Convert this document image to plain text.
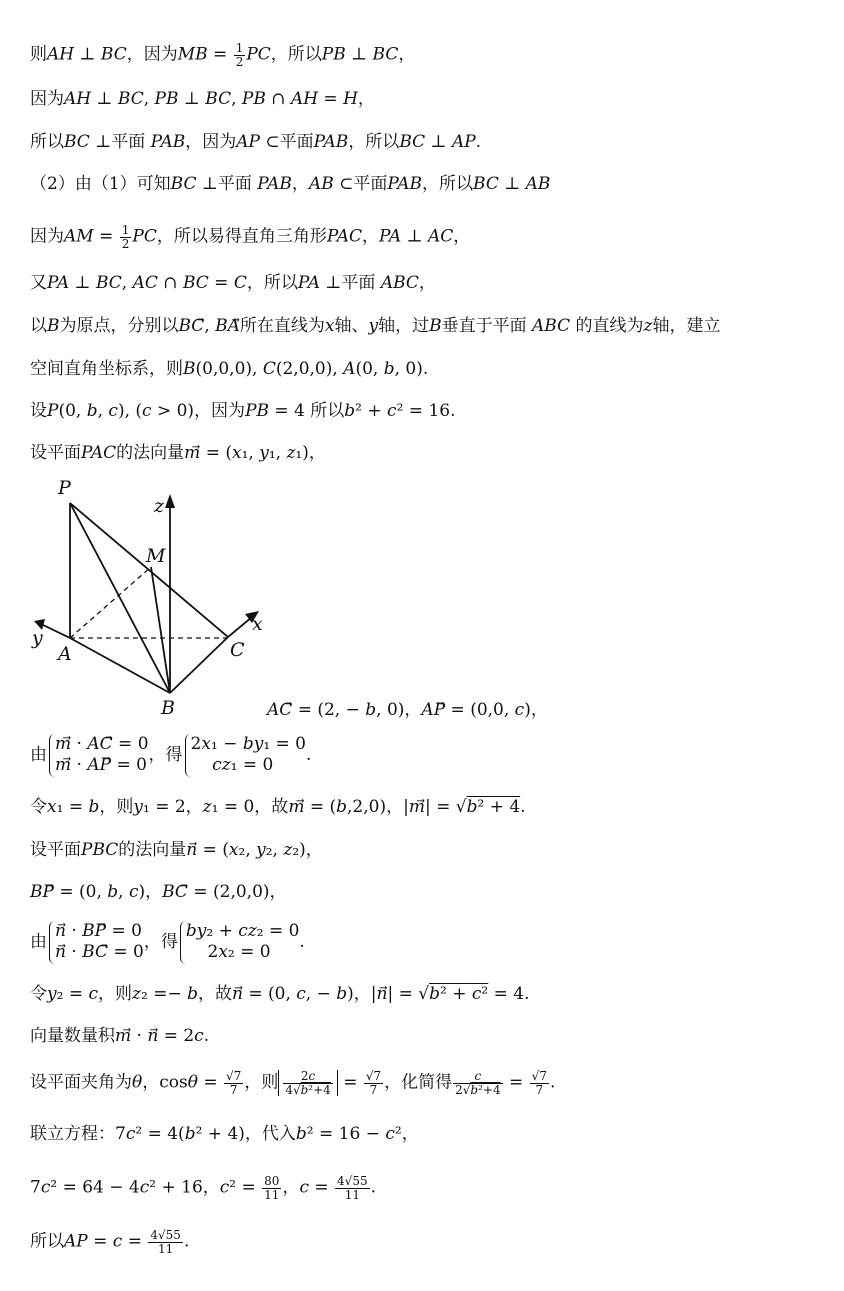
则AH ⊥ BC，因为MB = $\frac{1}{2}$ PC，所以PB ⊥ BC，
因为AH ⊥ BC, PB ⊥ BC, PB ∩ AH = H，
所以BC ⊥平面 PAB，因为AP ⊂平面PAB，所以BC ⊥ AP.
（2）由（1）可知BC ⊥平面 PAB，AB ⊂平面PAB，所以BC ⊥ AB
因为AM = $\frac{1}{2}$ PC，所以易得直角三角形PAC，PA ⊥ AC，
又PA ⊥ BC, AC ∩ BC = C，所以PA ⊥平面 ABC，
以B为原点，分别以BC⃗, BA⃗所在直线为x轴、y轴，过B垂直于平面 ABC 的直线为z轴，建立
空间直角坐标系，则B(0,0,0), C(2,0,0), A(0, b, 0).
设P(0, b, c), (c > 0)，因为PB = 4 所以b² + c² = 16.
设平面PAC的法向量m⃗ = (x₁, y₁, z₁)，
P
M
z
x
y
A
B
C
AC⃗ = (2, − b, 0)，AP⃗ = (0,0, c)，
由
m⃗ · AC⃗ = 0
m⃗ · AP⃗ = 0
，得
2x₁ − by₁ = 0
cz₁ = 0
.
令x₁ = b，则y₁ = 2，z₁ = 0，故m⃗ = (b,2,0)，|m⃗| = √b² + 4.
设平面PBC的法向量n⃗ = (x₂, y₂, z₂)，
BP⃗ = (0, b, c)，BC⃗ = (2,0,0)，
由
n⃗ · BP⃗ = 0
n⃗ · BC⃗ = 0
，得
by₂ + cz₂ = 0
2x₂ = 0
.
令y₂ = c，则z₂ =− b，故n⃗ = (0, c, − b)，|n⃗| = √b² + c² = 4.
向量数量积m⃗ · n⃗ = 2c.
设平面夹角为θ，$\cos\theta = \frac{√7}{7}$ ，则 $\frac{2c}{\text{4√b²+4}} = \frac{√7}{7}$ ，化简得 $\frac{c}{\text{2√b²+4}} = \frac{√7}{7}$ .
联立方程：7c² = 4(b² + 4)，代入b² = 16 − c²，
7c² = 64 − 4c² + 16，$c^2 = \frac{80}{11}$ ，$c = \frac{4√55}{11}$ .
所以AP = $c = \frac{4√55}{11}$ .
